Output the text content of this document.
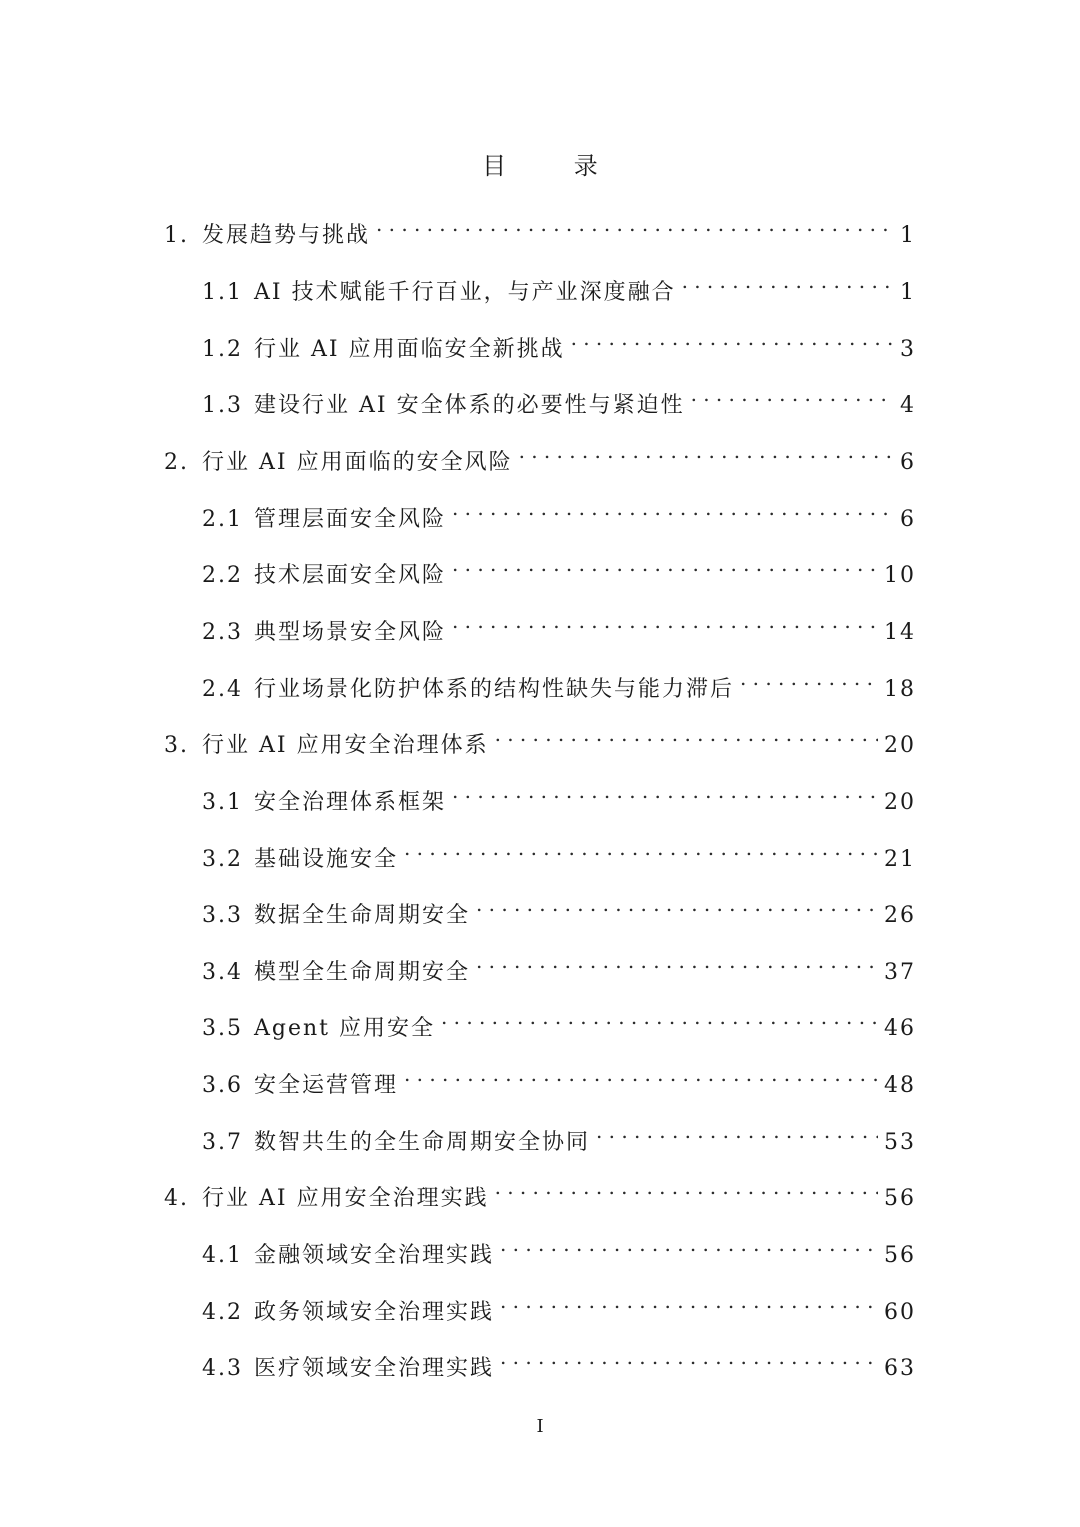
目 录
1. 发展趋势与挑战 .....	1
1.1 AI 技术赋能千行百业，与产业深度融合 .....	1
1.2 行业 AI 应用面临安全新挑战 .....	3
1.3 建设行业 AI 安全体系的必要性与紧迫性 .....	4
2. 行业 AI 应用面临的安全风险 .....	6
2.1 管理层面安全风险 .....	6
2.2 技术层面安全风险 .....	10
2.3 典型场景安全风险 .....	14
2.4 行业场景化防护体系的结构性缺失与能力滞后 .....	18
3. 行业 AI 应用安全治理体系 .....	20
3.1 安全治理体系框架 .....	20
3.2 基础设施安全 .....	21
3.3 数据全生命周期安全 .....	26
3.4 模型全生命周期安全 .....	37
3.5 Agent 应用安全 .....	46
3.6 安全运营管理 .....	48
3.7 数智共生的全生命周期安全协同 .....	53
4. 行业 AI 应用安全治理实践 .....	56
4.1 金融领域安全治理实践 .....	56
4.2 政务领域安全治理实践 .....	60
4.3 医疗领域安全治理实践 .....	63
I
